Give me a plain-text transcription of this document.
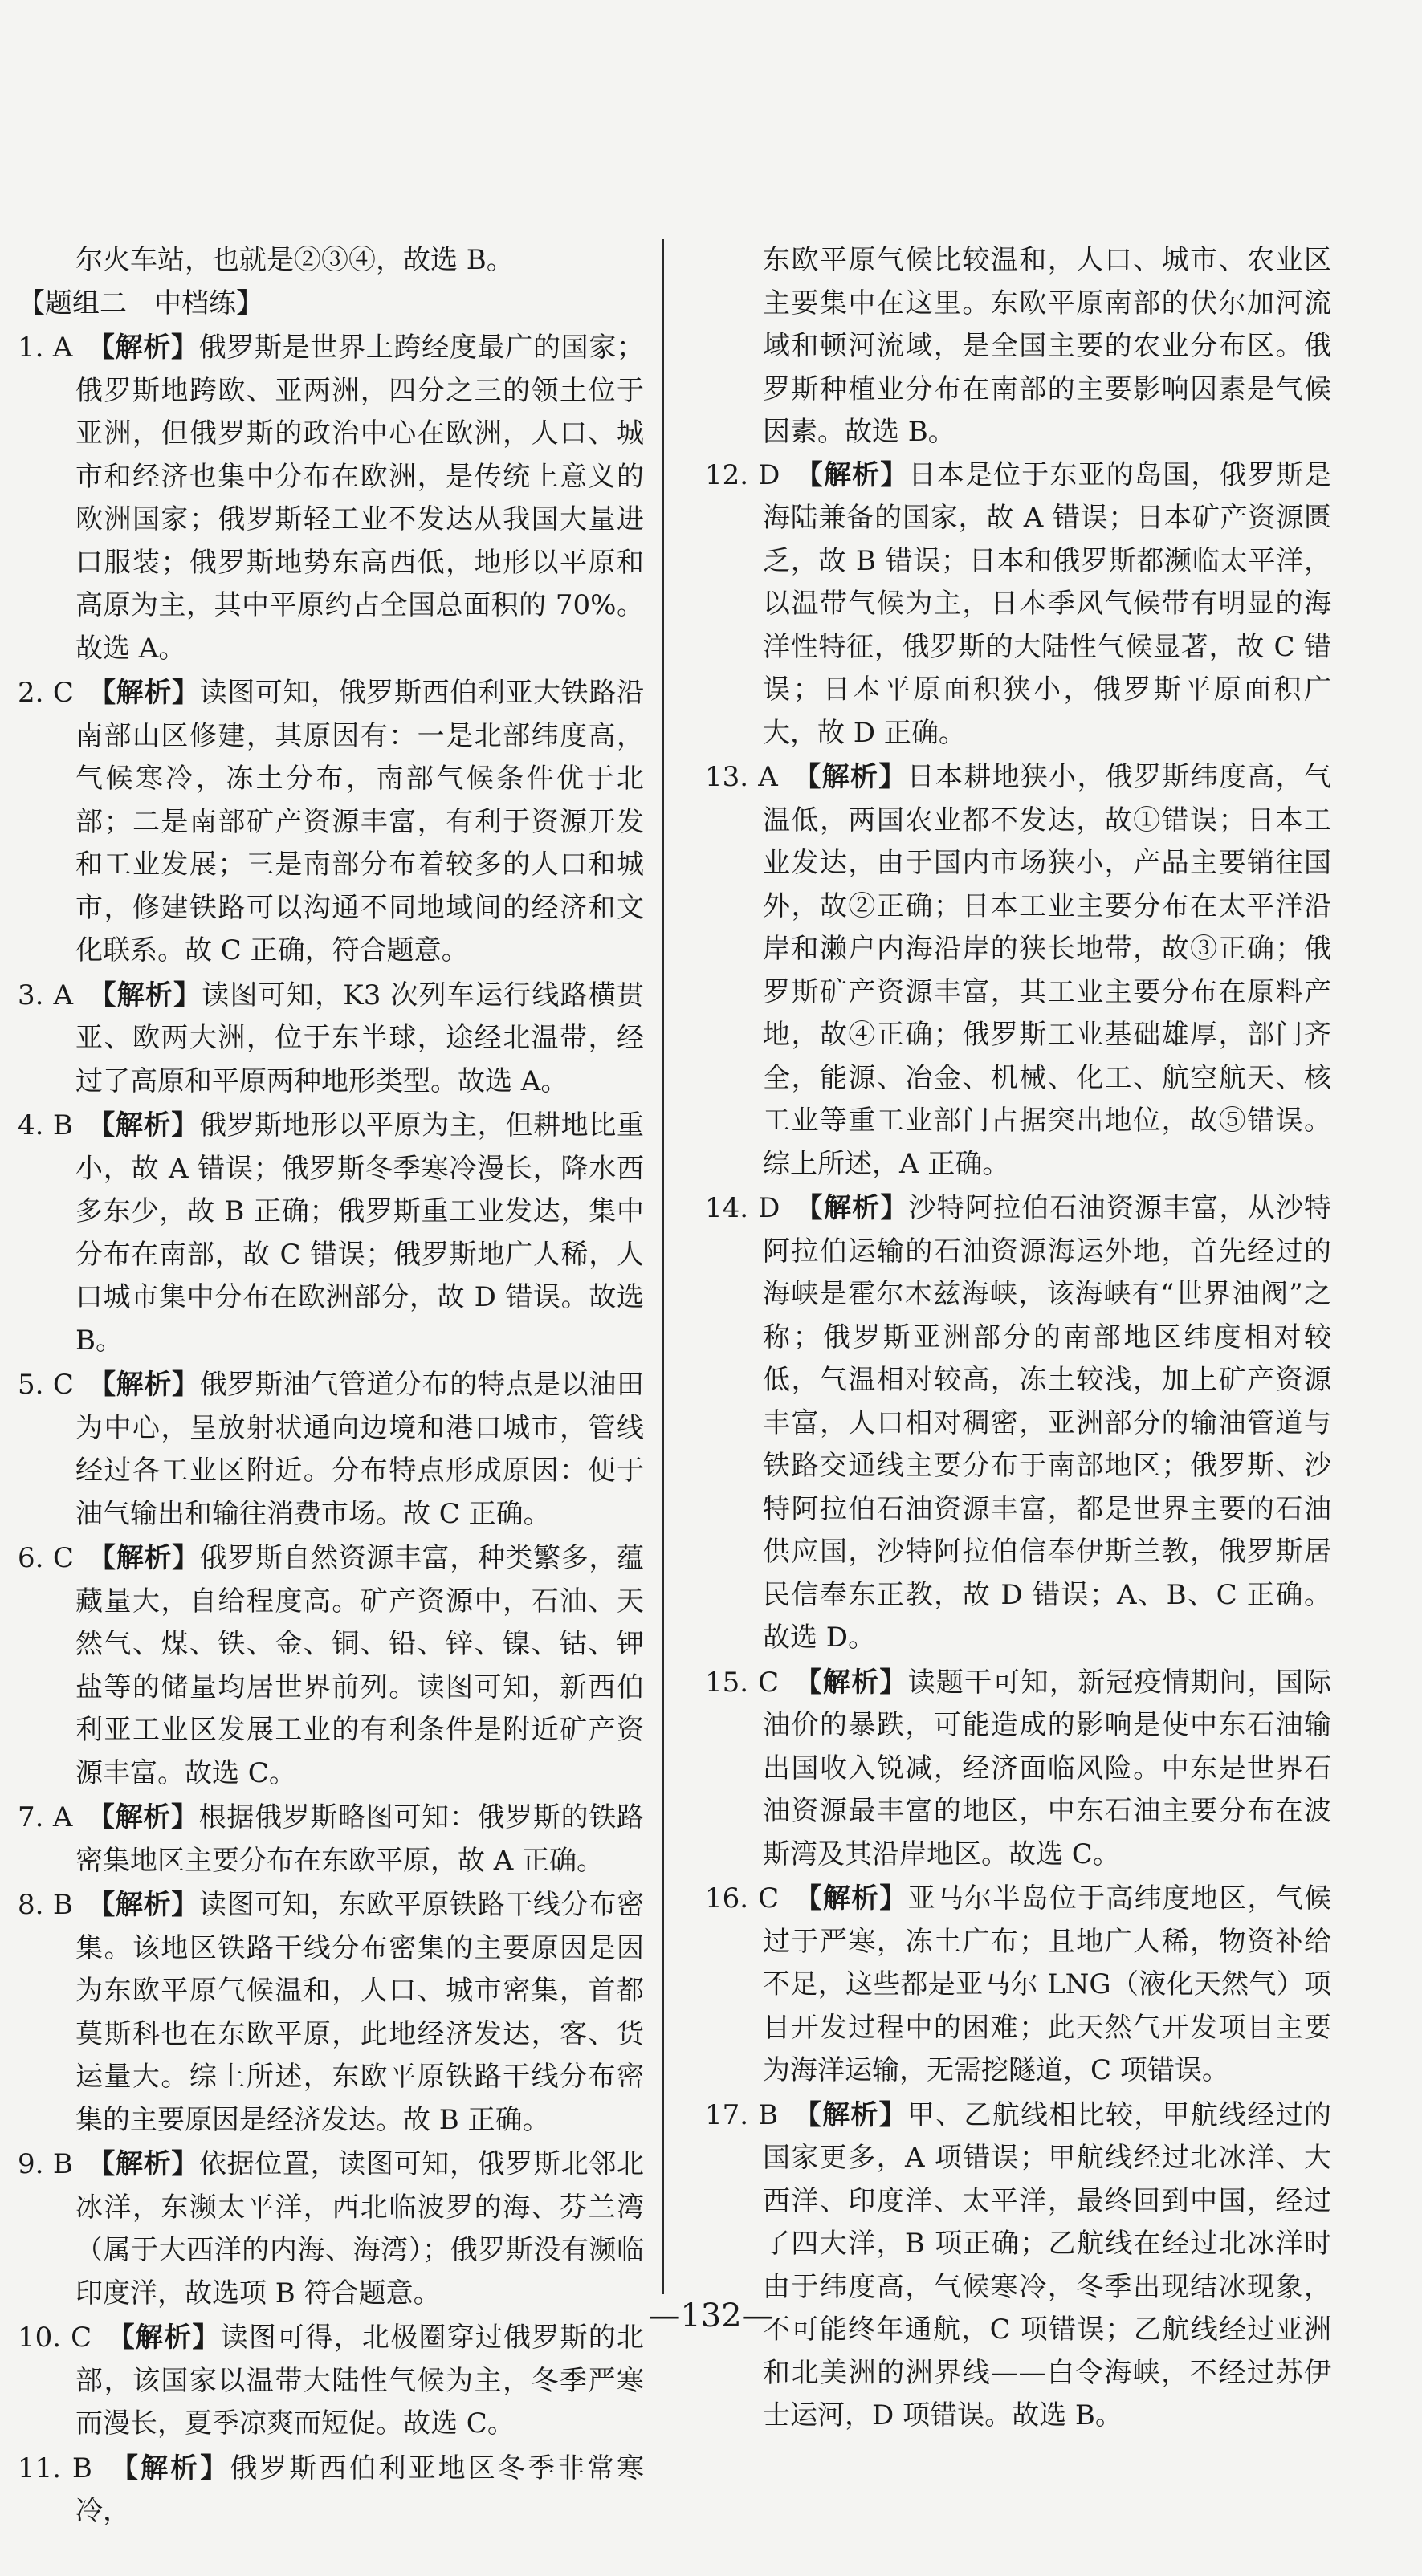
尔火车站，也就是②③④，故选 B。

【题组二　中档练】

1. A　 【解析】俄罗斯是世界上跨经度最广的国家；俄罗斯地跨欧、亚两洲，四分之三的领土位于亚洲，但俄罗斯的政治中心在欧洲，人口、城市和经济也集中分布在欧洲，是传统上意义的欧洲国家；俄罗斯轻工业不发达从我国大量进口服装；俄罗斯地势东高西低，地形以平原和高原为主，其中平原约占全国总面积的 70%。故选 A。

2. C　 【解析】读图可知，俄罗斯西伯利亚大铁路沿南部山区修建，其原因有：一是北部纬度高，气候寒冷，冻土分布，南部气候条件优于北部；二是南部矿产资源丰富，有利于资源开发和工业发展；三是南部分布着较多的人口和城市，修建铁路可以沟通不同地域间的经济和文化联系。故 C 正确，符合题意。

3. A　 【解析】读图可知，K3 次列车运行线路横贯亚、欧两大洲，位于东半球，途经北温带，经过了高原和平原两种地形类型。故选 A。

4. B　 【解析】俄罗斯地形以平原为主，但耕地比重小，故 A 错误；俄罗斯冬季寒冷漫长，降水西多东少，故 B 正确；俄罗斯重工业发达，集中分布在南部，故 C 错误；俄罗斯地广人稀，人口城市集中分布在欧洲部分，故 D 错误。故选 B。

5. C　 【解析】俄罗斯油气管道分布的特点是以油田为中心，呈放射状通向边境和港口城市，管线经过各工业区附近。分布特点形成原因：便于油气输出和输往消费市场。故 C 正确。

6. C　 【解析】俄罗斯自然资源丰富，种类繁多，蕴藏量大，自给程度高。矿产资源中，石油、天然气、煤、铁、金、铜、铅、锌、镍、钴、钾盐等的储量均居世界前列。读图可知，新西伯利亚工业区发展工业的有利条件是附近矿产资源丰富。故选 C。

7. A　 【解析】根据俄罗斯略图可知：俄罗斯的铁路密集地区主要分布在东欧平原，故 A 正确。

8. B　 【解析】读图可知，东欧平原铁路干线分布密集。该地区铁路干线分布密集的主要原因是因为东欧平原气候温和，人口、城市密集，首都莫斯科也在东欧平原，此地经济发达，客、货运量大。综上所述，东欧平原铁路干线分布密集的主要原因是经济发达。故 B 正确。

9. B　 【解析】依据位置，读图可知，俄罗斯北邻北冰洋，东濒太平洋，西北临波罗的海、芬兰湾（属于大西洋的内海、海湾）；俄罗斯没有濒临印度洋，故选项 B 符合题意。

10. C　 【解析】读图可得，北极圈穿过俄罗斯的北部，该国家以温带大陆性气候为主，冬季严寒而漫长，夏季凉爽而短促。故选 C。

11. B　 【解析】俄罗斯西伯利亚地区冬季非常寒冷，

东欧平原气候比较温和，人口、城市、农业区主要集中在这里。东欧平原南部的伏尔加河流域和顿河流域，是全国主要的农业分布区。俄罗斯种植业分布在南部的主要影响因素是气候因素。故选 B。

12. D　 【解析】日本是位于东亚的岛国，俄罗斯是海陆兼备的国家，故 A 错误；日本矿产资源匮乏，故 B 错误；日本和俄罗斯都濒临太平洋，以温带气候为主，日本季风气候带有明显的海洋性特征，俄罗斯的大陆性气候显著，故 C 错误；日本平原面积狭小，俄罗斯平原面积广大，故 D 正确。

13. A　 【解析】日本耕地狭小，俄罗斯纬度高，气温低，两国农业都不发达，故①错误；日本工业发达，由于国内市场狭小，产品主要销往国外，故②正确；日本工业主要分布在太平洋沿岸和濑户内海沿岸的狭长地带，故③正确；俄罗斯矿产资源丰富，其工业主要分布在原料产地，故④正确；俄罗斯工业基础雄厚，部门齐全，能源、冶金、机械、化工、航空航天、核工业等重工业部门占据突出地位，故⑤错误。综上所述，A 正确。

14. D　 【解析】沙特阿拉伯石油资源丰富，从沙特阿拉伯运输的石油资源海运外地，首先经过的海峡是霍尔木兹海峡，该海峡有“世界油阀”之称；俄罗斯亚洲部分的南部地区纬度相对较低，气温相对较高，冻土较浅，加上矿产资源丰富，人口相对稠密，亚洲部分的输油管道与铁路交通线主要分布于南部地区；俄罗斯、沙特阿拉伯石油资源丰富，都是世界主要的石油供应国，沙特阿拉伯信奉伊斯兰教，俄罗斯居民信奉东正教，故 D 错误；A、B、C 正确。故选 D。

15. C　 【解析】读题干可知，新冠疫情期间，国际油价的暴跌，可能造成的影响是使中东石油输出国收入锐减，经济面临风险。中东是世界石油资源最丰富的地区，中东石油主要分布在波斯湾及其沿岸地区。故选 C。

16. C　 【解析】亚马尔半岛位于高纬度地区，气候过于严寒，冻土广布；且地广人稀，物资补给不足，这些都是亚马尔 LNG（液化天然气）项目开发过程中的困难；此天然气开发项目主要为海洋运输，无需挖隧道，C 项错误。

17. B　 【解析】甲、乙航线相比较，甲航线经过的国家更多，A 项错误；甲航线经过北冰洋、大西洋、印度洋、太平洋，最终回到中国，经过了四大洋，B 项正确；乙航线在经过北冰洋时由于纬度高，气候寒冷，冬季出现结冰现象，不可能终年通航，C 项错误；乙航线经过亚洲和北美洲的洲界线——白令海峡，不经过苏伊士运河，D 项错误。故选 B。

—132—
